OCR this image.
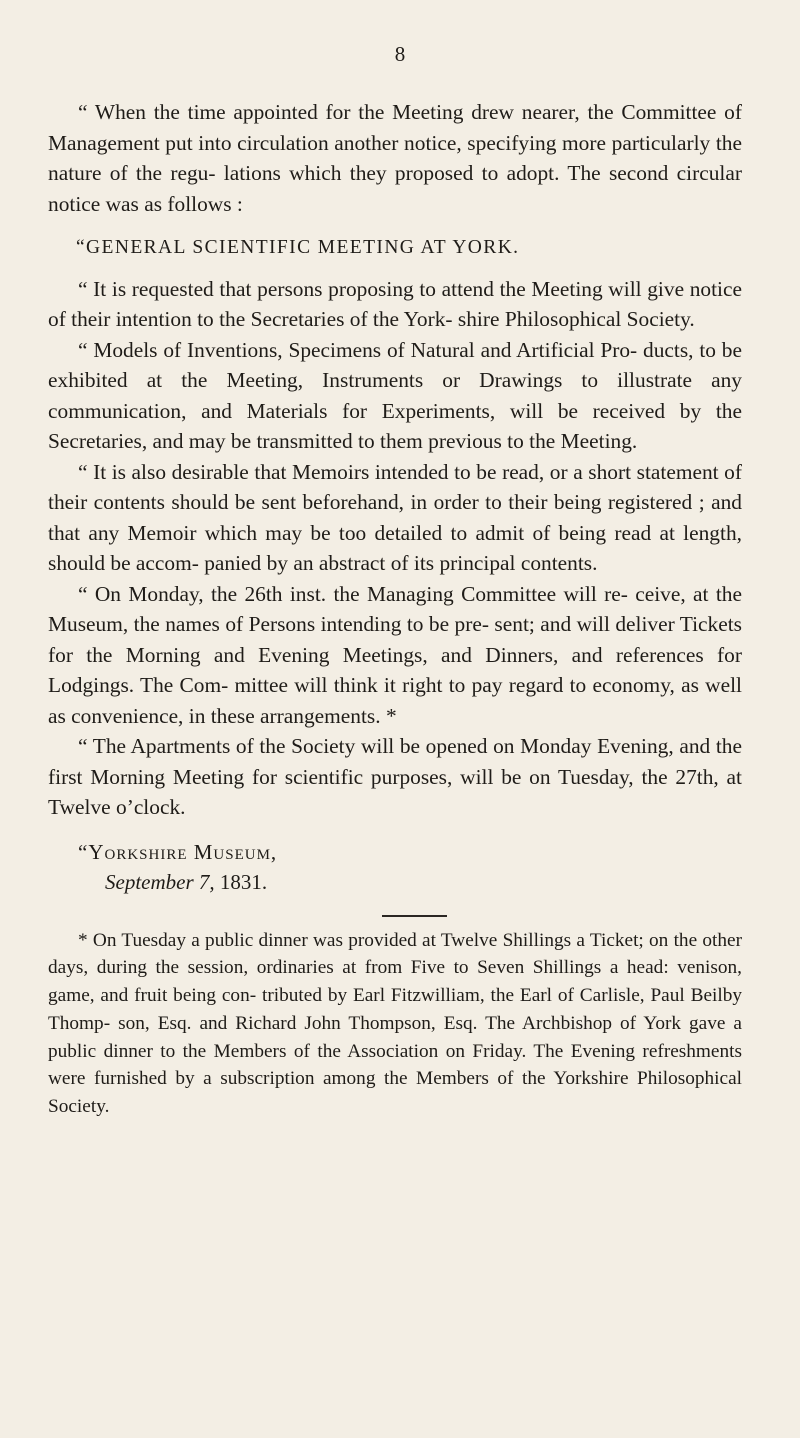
8

“ When the time appointed for the Meeting drew nearer, the Committee of Management put into circulation another notice, specifying more particularly the nature of the regu- lations which they proposed to adopt. The second circular notice was as follows :

“GENERAL SCIENTIFIC MEETING AT YORK.

“ It is requested that persons proposing to attend the Meeting will give notice of their intention to the Secretaries of the York- shire Philosophical Society.

“ Models of Inventions, Specimens of Natural and Artificial Pro- ducts, to be exhibited at the Meeting, Instruments or Drawings to illustrate any communication, and Materials for Experiments, will be received by the Secretaries, and may be transmitted to them previous to the Meeting.

“ It is also desirable that Memoirs intended to be read, or a short statement of their contents should be sent beforehand, in order to their being registered ; and that any Memoir which may be too detailed to admit of being read at length, should be accom- panied by an abstract of its principal contents.

“ On Monday, the 26th inst. the Managing Committee will re- ceive, at the Museum, the names of Persons intending to be pre- sent; and will deliver Tickets for the Morning and Evening Meetings, and Dinners, and references for Lodgings. The Com- mittee will think it right to pay regard to economy, as well as convenience, in these arrangements. *

“ The Apartments of the Society will be opened on Monday Evening, and the first Morning Meeting for scientific purposes, will be on Tuesday, the 27th, at Twelve o’clock.

“Yorkshire Museum,
September 7, 1831.

* On Tuesday a public dinner was provided at Twelve Shillings a Ticket; on the other days, during the session, ordinaries at from Five to Seven Shillings a head: venison, game, and fruit being con- tributed by Earl Fitzwilliam, the Earl of Carlisle, Paul Beilby Thomp- son, Esq. and Richard John Thompson, Esq. The Archbishop of York gave a public dinner to the Members of the Association on Friday. The Evening refreshments were furnished by a subscription among the Members of the Yorkshire Philosophical Society.
